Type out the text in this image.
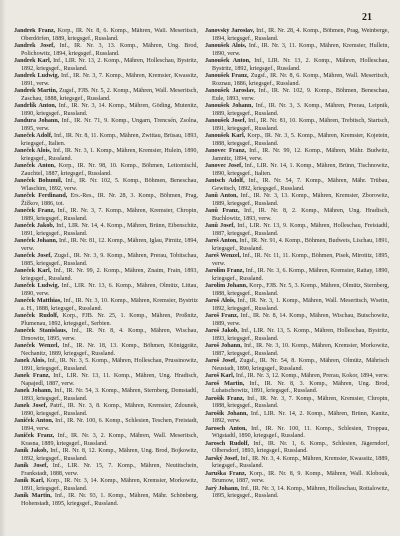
21

Jandrek Franz, Korp., IR. Nr. 8, 6. Komp., Mähren, Wall. Meseritsch, Oberdörfen, 1889, kriegsgef., Russland.

Jandrek Josef, Inf., IR. Nr. 3, 13. Komp., Mähren, Ung. Brod, Polichowitz, 1894, kriegsgef., Russland.

Jandrek Karl, Inf., LIR. Nr. 13, 2. Komp., Mähren, Holleschau, Bystritz, 1892, kriegsgef., Russland.

Jandrek Ludwig, Inf., IR. Nr. 3, 7. Komp., Mähren, Kremsier, Kwassitz, 1891, verw.

Jandrek Martin, Zugsf., FJB. Nr. 5, 2. Komp., Mähren, Wall. Meseritsch, Zaschau, 1888, kriegsgef., Russland.

Jandrlík Anton, Inf., IR. Nr. 3, 14. Komp., Mähren, Göding, Mutenitz, 1890, kriegsgef., Russland.

Jandura Johann, Inf., IR. Nr. 71, 9. Komp., Ungarn, Trencsén, Zsolna, 1895, verw.

Janeček Adolf, Inf., IR. Nr. 8, 11. Komp., Mähren, Zwittau, Brüsau, 1893, kriegsgef., Italien.

Janeček Alois, Inf., IR. Nr. 3, 1. Komp., Mähren, Kremsier, Hulein, 1890, kriegsgef., Russland.

Janeček Anton, Korp., IR. Nr. 98, 10. Komp., Böhmen, Leitomischl, Zauchtel, 1887, kriegsgef., Russland.

Janeček Bohumil, Inf., IR. Nr. 102, 5. Komp., Böhmen, Beneschau, Wlaschim, 1892, verw.

Janeček Ferdinand, Ers.-Res., IR. Nr. 28, 3. Komp., Böhmen, Prag, Žižkov, 1886, tot.

Janeček Franz, Inf., IR. Nr. 3, 7. Komp., Mähren, Kremsier, Chropin, 1889, kriegsgef., Russland.

Janeček Jakob, Inf., LIR. Nr. 14, 4. Komp., Mähren, Brünn, Eibenschitz, 1891, kriegsgef., Russland.

Janeček Johann, Inf., IR. Nr. 81, 12. Komp., Mähren, Iglau, Pirnitz, 1894, verw.

Janeček Josef, Zugsf., IR. Nr. 3, 9. Komp., Mähren, Prerau, Tobitschau, 1885, kriegsgef., Russland.

Janeček Karl, Inf., IR. Nr. 99, 2. Komp., Mähren, Znaim, Frain, 1893, kriegsgef., Russland.

Janeček Ludwig, Inf., LIR. Nr. 13, 6. Komp., Mähren, Olmütz, Littau, 1890, verw.

Janeček Matthias, Inf., IR. Nr. 3, 10. Komp., Mähren, Kremsier, Bystritz a. H., 1888, kriegsgef., Russland.

Janeček Rudolf, Korp., FJB. Nr. 25, 1. Komp., Mähren, Proßnitz, Plumenau, 1892, kriegsgef., Serbien.

Janeček Stanislaus, Inf., IR. Nr. 8, 4. Komp., Mähren, Wischau, Drnowitz, 1895, verw.

Janeček Wenzel, Inf., IR. Nr. 18, 13. Komp., Böhmen, Königgrätz, Nechanitz, 1889, kriegsgef., Russland.

Janek Alois, Inf., IR. Nr. 3, 5. Komp., Mähren, Holleschau, Prussinowitz, 1891, kriegsgef., Russland.

Janek Franz, Inf., LIR. Nr. 13, 11. Komp., Mähren, Ung. Hradisch, Napajedl, 1887, verw.

Janek Johann, Inf., IR. Nr. 54, 3. Komp., Mähren, Sternberg, Domstadtl, 1893, kriegsgef., Russland.

Janek Josef, Patrf., IR. Nr. 3, 8. Komp., Mähren, Kremsier, Zdounek, 1890, kriegsgef., Russland.

Janiček Anton, Inf., IR. Nr. 100, 6. Komp., Schlesien, Teschen, Freistadt, 1894, verw.

Janiček Franz, Inf., IR. Nr. 3, 2. Komp., Mähren, Wall. Meseritsch, Krasna, 1889, kriegsgef., Russland.

Janík Jakob, Inf., IR. Nr. 8, 12. Komp., Mähren, Ung. Brod, Bojkowitz, 1892, kriegsgef., Russland.

Janík Josef, Inf., LIR. Nr. 15, 7. Komp., Mähren, Neutitschein, Frankstadt, 1888, verw.

Janík Karl, Korp., IR. Nr. 3, 14. Komp., Mähren, Kremsier, Morkowitz, 1891, kriegsgef., Russland.

Janík Martin, Inf., IR. Nr. 93, 1. Komp., Mähren, Mähr. Schönberg, Hohenstadt, 1895, kriegsgef., Russland.

Janovský Jaroslav, Inf., IR. Nr. 28, 4. Komp., Böhmen, Prag, Weinberge, 1894, kriegsgef., Russland.

Janoušek Alois, Inf., IR. Nr. 3, 11. Komp., Mähren, Kremsier, Hullein, 1890, verw.

Janoušek Anton, Inf., LIR. Nr. 13, 2. Komp., Mähren, Holleschau, Bystritz, 1892, kriegsgef., Russland.

Janoušek Franz, Zugsf., IR. Nr. 8, 6. Komp., Mähren, Wall. Meseritsch, Roznau, 1886, kriegsgef., Russland.

Janoušek Jaroslav, Inf., IR. Nr. 102, 9. Komp., Böhmen, Beneschau, Eule, 1893, verw.

Janoušek Johann, Inf., IR. Nr. 3, 3. Komp., Mähren, Prerau, Leipnik, 1889, kriegsgef., Russland.

Janoušek Josef, Inf., IR. Nr. 81, 10. Komp., Mähren, Trebitsch, Startsch, 1891, kriegsgef., Russland.

Janoušek Karl, Korp., IR. Nr. 3, 5. Komp., Mähren, Kremsier, Kojetein, 1888, kriegsgef., Russland.

Janovec Franz, Inf., IR. Nr. 99, 12. Komp., Mähren, Mähr. Budwitz, Jamnitz, 1894, verw.

Janovec Josef, Inf., LIR. Nr. 14, 1. Komp., Mähren, Brünn, Tischnowitz, 1890, kriegsgef., Italien.

Jantsch Adolf, Inf., IR. Nr. 54, 7. Komp., Mähren, Mähr. Trübau, Gewitsch, 1892, kriegsgef., Russland.

Janů Anton, Inf., IR. Nr. 3, 13. Komp., Mähren, Kremsier, Zborowitz, 1889, kriegsgef., Russland.

Janů Franz, Inf., IR. Nr. 8, 2. Komp., Mähren, Ung. Hradisch, Buchlowitz, 1893, verw.

Janů Josef, Inf., LIR. Nr. 13, 9. Komp., Mähren, Holleschau, Freistadtl, 1887, kriegsgef., Russland.

Jareš Anton, Inf., IR. Nr. 91, 4. Komp., Böhmen, Budweis, Lischau, 1891, kriegsgef., Russland.

Jareš Wenzel, Inf., IR. Nr. 11, 11. Komp., Böhmen, Pisek, Mirotitz, 1895, verw.

Jarolím Franz, Inf., IR. Nr. 3, 6. Komp., Mähren, Kremsier, Rattay, 1890, kriegsgef., Russland.

Jarolím Johann, Korp., FJB. Nr. 5, 3. Komp., Mähren, Olmütz, Sternberg, 1888, kriegsgef., Russland.

Jaroš Alois, Inf., IR. Nr. 3, 1. Komp., Mähren, Wall. Meseritsch, Wsetin, 1892, kriegsgef., Russland.

Jaroš Franz, Inf., IR. Nr. 8, 14. Komp., Mähren, Wischau, Butschowitz, 1889, verw.

Jaroš Jakob, Inf., LIR. Nr. 13, 5. Komp., Mähren, Holleschau, Bystritz, 1893, kriegsgef., Russland.

Jaroš Johann, Inf., IR. Nr. 3, 10. Komp., Mähren, Kremsier, Morkowitz, 1887, kriegsgef., Russland.

Jaroš Josef, Zugsf., IR. Nr. 54, 8. Komp., Mähren, Olmütz, Mährisch Neustadt, 1890, kriegsgef., Russland.

Jaroš Karl, Inf., IR. Nr. 3, 12. Komp., Mähren, Prerau, Kokor, 1894, verw.

Jaroš Martin, Inf., IR. Nr. 8, 3. Komp., Mähren, Ung. Brod, Luhatschowitz, 1891, kriegsgef., Russland.

Jarošík Franz, Inf., IR. Nr. 3, 7. Komp., Mähren, Kremsier, Chropin, 1888, kriegsgef., Russland.

Jarošík Johann, Inf., LIR. Nr. 14, 2. Komp., Mähren, Brünn, Kanitz, 1892, verw.

Jarosch Anton, Inf., IR. Nr. 100, 11. Komp., Schlesien, Troppau, Wigstadtl, 1890, kriegsgef., Russland.

Jarosch Rudolf, Inf., IR. Nr. 1, 6. Komp., Schlesien, Jägerndorf, Olbersdorf, 1893, kriegsgef., Russland.

Jarský Josef, Inf., IR. Nr. 3, 4. Komp., Mähren, Kremsier, Kwassitz, 1889, kriegsgef., Russland.

Jaruška Franz, Korp., IR. Nr. 8, 9. Komp., Mähren, Wall. Klobouk, Brumow, 1887, verw.

Jarý Johann, Inf., IR. Nr. 3, 14. Komp., Mähren, Holleschau, Rottalowitz, 1895, kriegsgef., Russland.
